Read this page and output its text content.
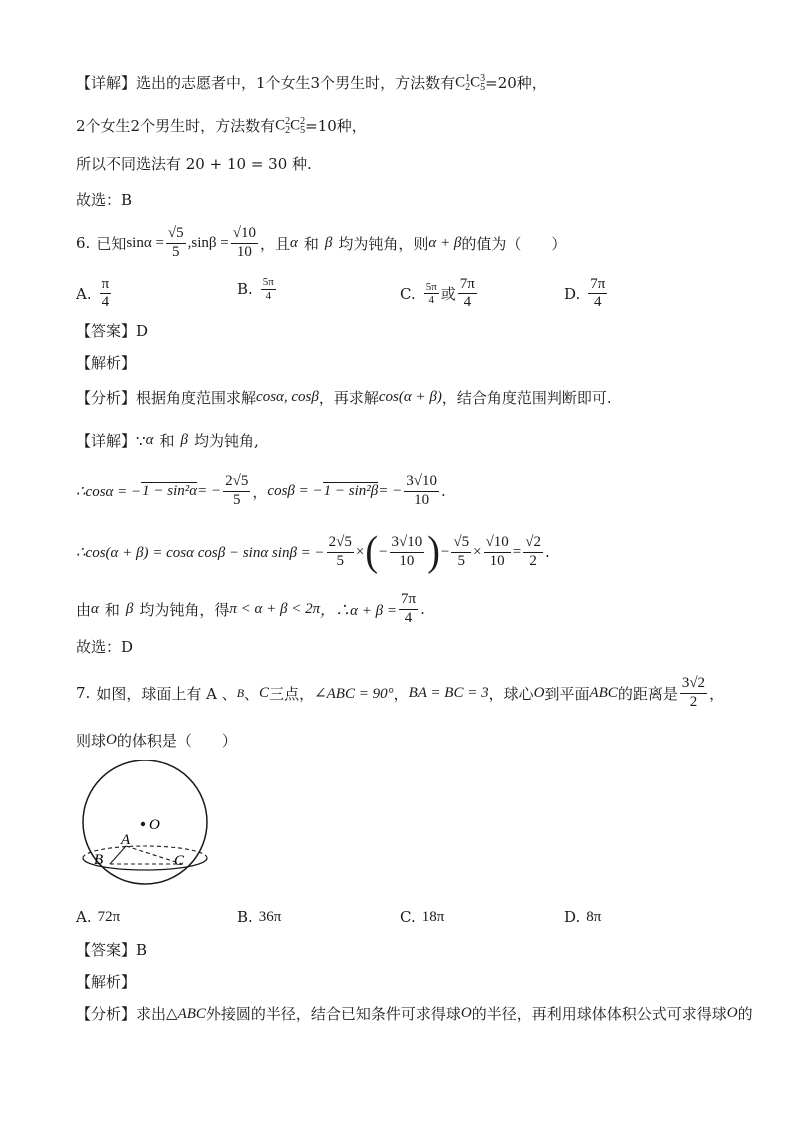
【详解】 选出的志愿者中，1个女生3个男生时，方法数有 C 1
2 C 3
5 =20种，
2个女生2个男生时，方法数有 C 2
2 C 2
5 =10种，
所以不同选法有 20 + 10 = 30 种.
故选：B
6. 已知 $\sin\alpha = \frac{√5}{5} ,\sin\beta = \frac{√10}{10}$ ，且 α 和 β 均为钝角，则 α + β 的值为（　　）
A. $\frac{\pi}{4}$	B. $\frac{5\pi}{4}$	C. $\frac{5\pi}{4}$ 或 $\frac{7\pi}{4}$	D. $\frac{7\pi}{4}$
【答案】D
【解析】
【分析】 根据角度范围求解 cosα, cosβ ，再求解 cos(α + β) ，结合角度范围判断即可.
【详解】 ∵ α 和 β 均为钝角,
∴cosα = − 1 − sin²α = − $\frac{2√5}{5}$ ， cosβ = − 1 − sin²β = − $\frac{3√10}{10}$ .
∴cos(α + β) = cosα cosβ − sinα sinβ = − $\frac{2√5}{5}$ × ( − $\frac{3√10}{10}$ ) − $\frac{√5}{5} \times \frac{√10}{10} = \frac{√2}{2}$ .
由 α 和 β 均为钝角，得 π < α + β < 2π ，∴α + $\beta = \frac{7\pi}{4}$ .
故选：D
7. 如图，球面上有 A 、 B 、 C 三点， ∠ABC = 90° ， BA = BC = 3 ，球心 O 到平面 ABC 的距离是 $\frac{3√2}{2}$ ，
则球 O 的体积是（　　）
O
A
B	C
A. 72π	B. 36π	C. 18π	D. 8π
【答案】B
【解析】
【分析】 求出 △ABC 外接圆的半径，结合已知条件可求得球 O 的半径，再利用球体体积公式可求得球 O 的
